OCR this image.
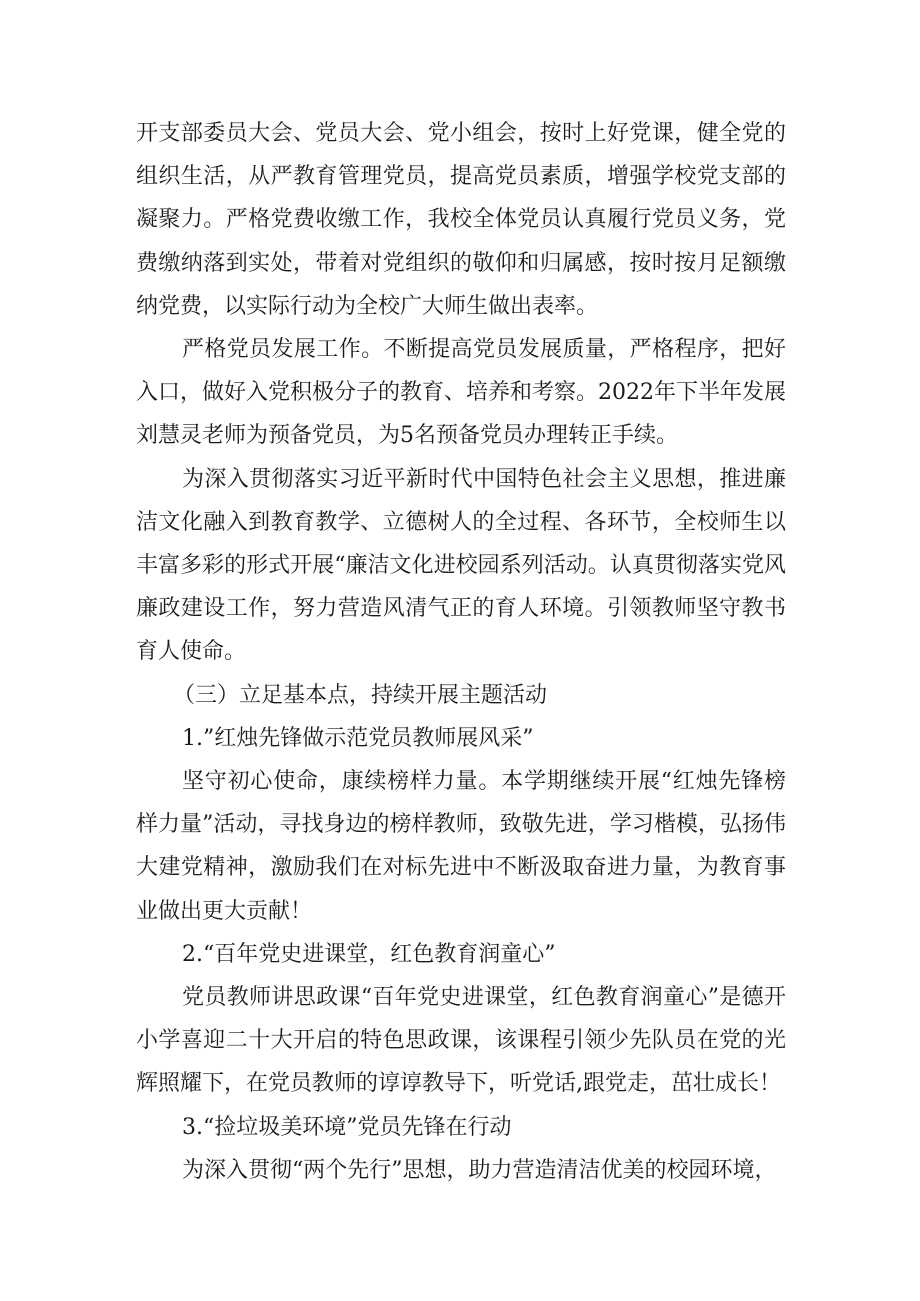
开支部委员大会、党员大会、党小组会，按时上好党课，健全党的组织生活，从严教育管理党员，提高党员素质，增强学校党支部的凝聚力。严格党费收缴工作，我校全体党员认真履行党员义务，党费缴纳落到实处，带着对党组织的敬仰和归属感，按时按月足额缴纳党费，以实际行动为全校广大师生做出表率。

严格党员发展工作。不断提高党员发展质量，严格程序，把好入口，做好入党积极分子的教育、培养和考察。2022年下半年发展刘慧灵老师为预备党员，为5名预备党员办理转正手续。

为深入贯彻落实习近平新时代中国特色社会主义思想，推进廉洁文化融入到教育教学、立德树人的全过程、各环节，全校师生以丰富多彩的形式开展“廉洁文化进校园系列活动。认真贯彻落实党风廉政建设工作，努力营造风清气正的育人环境。引领教师坚守教书育人使命。

（三）立足基本点，持续开展主题活动

1.”红烛先锋做示范党员教师展风采”

坚守初心使命，康续榜样力量。本学期继续开展“红烛先锋榜样力量”活动，寻找身边的榜样教师，致敬先进，学习楷模，弘扬伟大建党精神，激励我们在对标先进中不断汲取奋进力量，为教育事业做出更大贡献！

2.“百年党史进课堂，红色教育润童心”

党员教师讲思政课“百年党史进课堂，红色教育润童心”是德开小学喜迎二十大开启的特色思政课，该课程引领少先队员在党的光辉照耀下，在党员教师的谆谆教导下，听党话,跟党走，茁壮成长！

3.“捡垃圾美环境”党员先锋在行动

为深入贯彻“两个先行”思想，助力营造清洁优美的校园环境，
